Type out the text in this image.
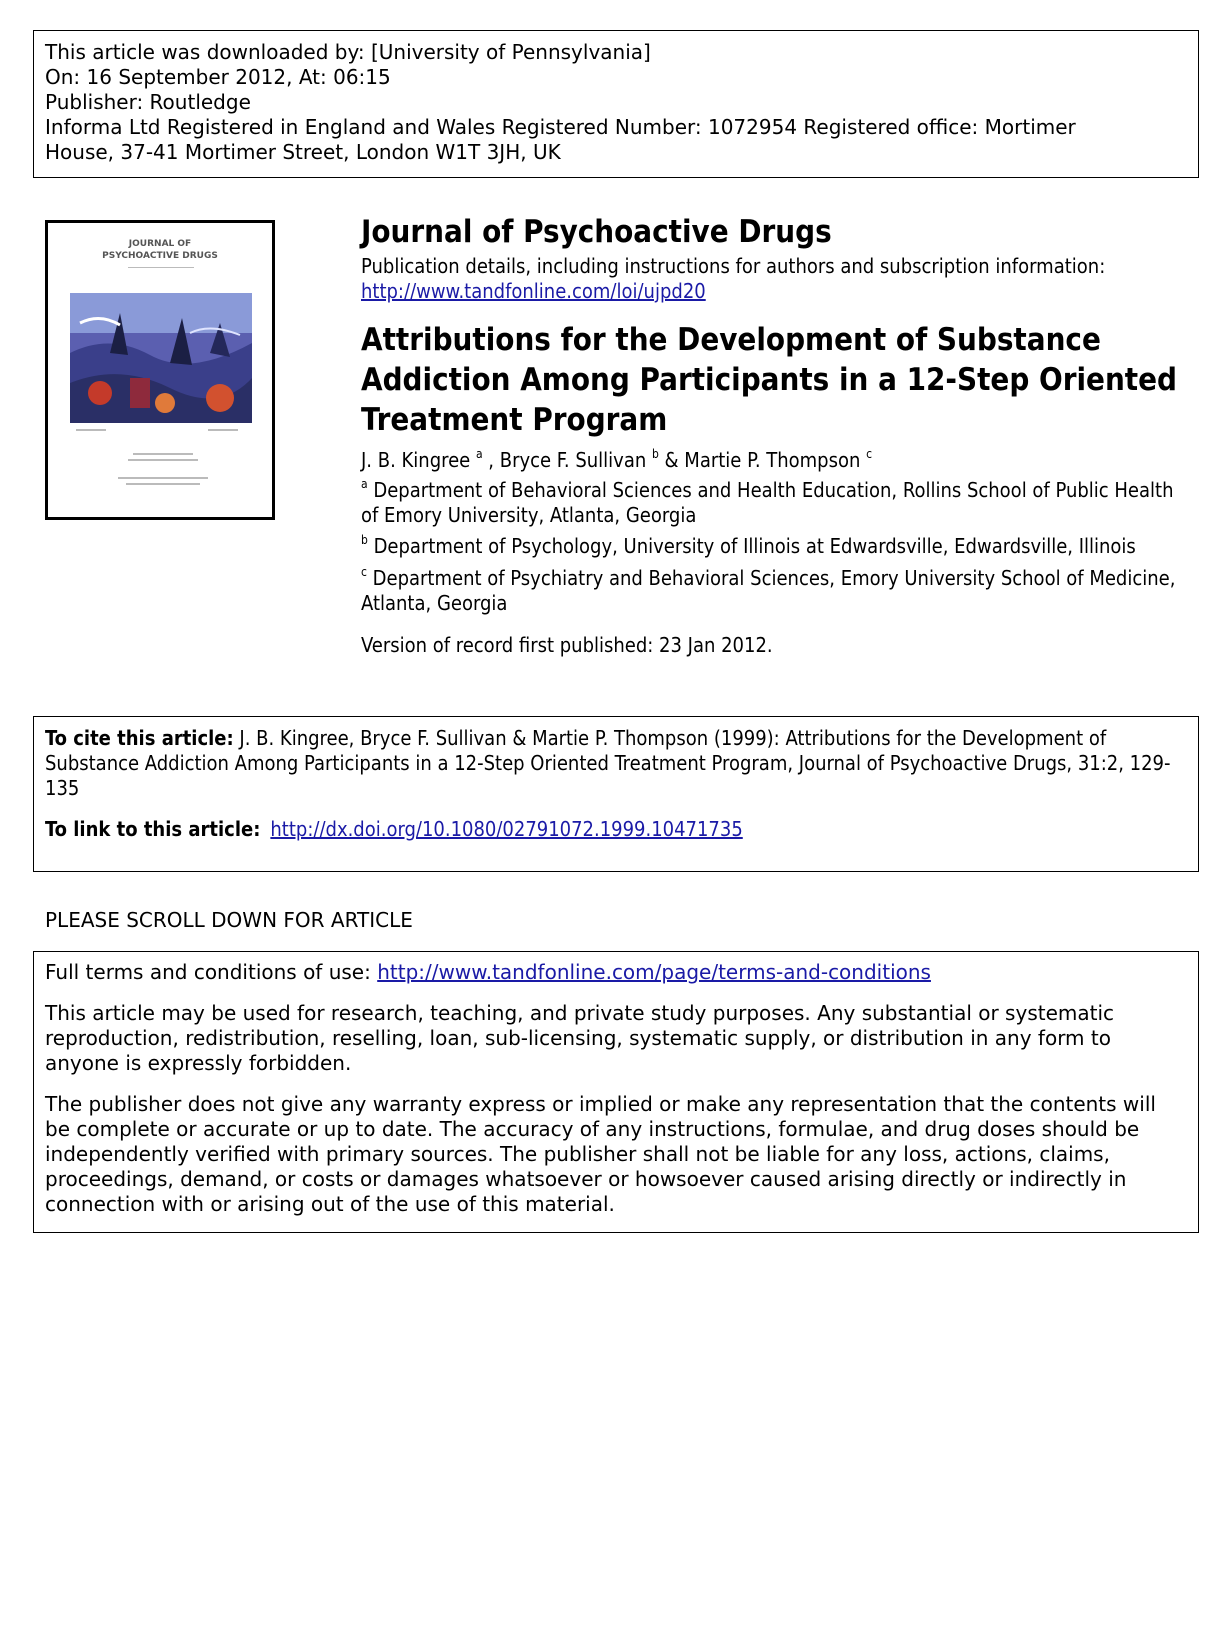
This article was downloaded by: [University of Pennsylvania]
On: 16 September 2012, At: 06:15
Publisher: Routledge
Informa Ltd Registered in England and Wales Registered Number: 1072954 Registered office: Mortimer
House, 37-41 Mortimer Street, London W1T 3JH, UK
JOURNAL OF
PSYCHOACTIVE DRUGS
Journal of Psychoactive Drugs
Publication details, including instructions for authors and subscription information:
http://www.tandfonline.com/loi/ujpd20
Attributions for the Development of Substance Addiction Among Participants in a 12-Step Oriented Treatment Program
J. B. Kingree $^a$ , Bryce F. Sullivan $^b$ & Martie P. Thompson $^c$
$^a$ Department of Behavioral Sciences and Health Education, Rollins School of Public Health of Emory University, Atlanta, Georgia
$^b$ Department of Psychology, University of Illinois at Edwardsville, Edwardsville, Illinois
$^c$ Department of Psychiatry and Behavioral Sciences, Emory University School of Medicine, Atlanta, Georgia
Version of record first published: 23 Jan 2012.
To cite this article: J. B. Kingree, Bryce F. Sullivan & Martie P. Thompson (1999): Attributions for the Development of Substance Addiction Among Participants in a 12-Step Oriented Treatment Program, Journal of Psychoactive Drugs, 31:2, 129-135
To link to this article: http://dx.doi.org/10.1080/02791072.1999.10471735
PLEASE SCROLL DOWN FOR ARTICLE

Full terms and conditions of use: http://www.tandfonline.com/page/terms-and-conditions

This article may be used for research, teaching, and private study purposes. Any substantial or systematic reproduction, redistribution, reselling, loan, sub-licensing, systematic supply, or distribution in any form to anyone is expressly forbidden.

The publisher does not give any warranty express or implied or make any representation that the contents will be complete or accurate or up to date. The accuracy of any instructions, formulae, and drug doses should be independently verified with primary sources. The publisher shall not be liable for any loss, actions, claims, proceedings, demand, or costs or damages whatsoever or howsoever caused arising directly or indirectly in connection with or arising out of the use of this material.
